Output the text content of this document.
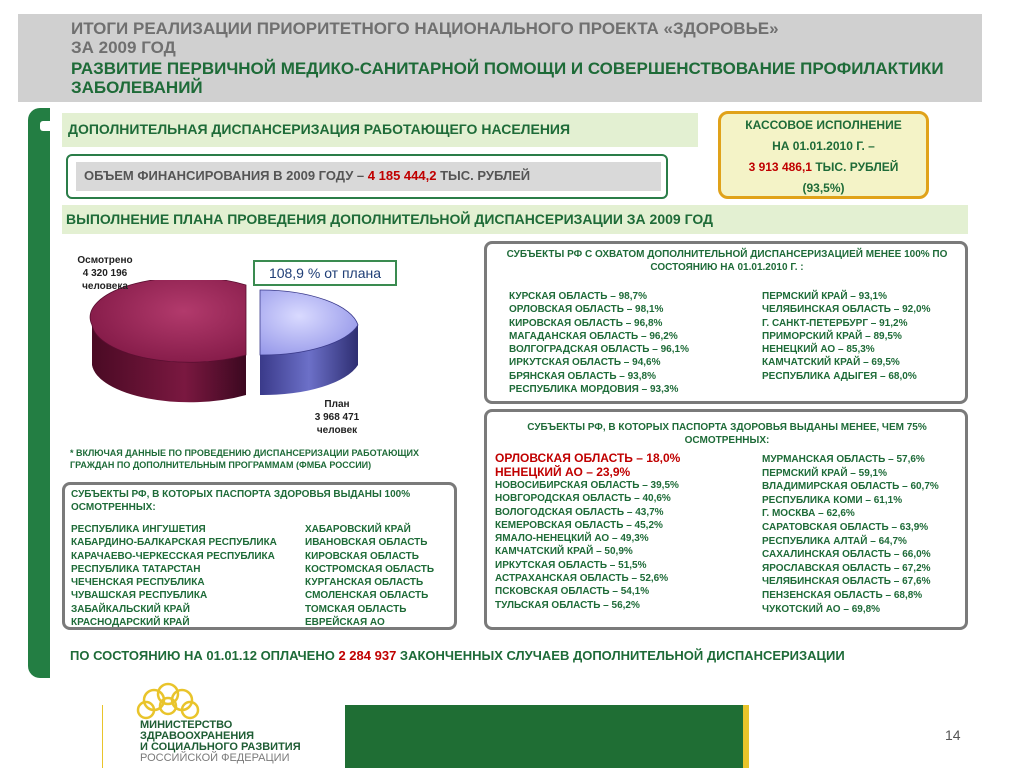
ИТОГИ РЕАЛИЗАЦИИ ПРИОРИТЕТНОГО НАЦИОНАЛЬНОГО ПРОЕКТА «ЗДОРОВЬЕ»
ЗА 2009 ГОД
РАЗВИТИЕ ПЕРВИЧНОЙ МЕДИКО-САНИТАРНОЙ ПОМОЩИ И СОВЕРШЕНСТВОВАНИЕ ПРОФИЛАКТИКИ ЗАБОЛЕВАНИЙ
ДОПОЛНИТЕЛЬНАЯ ДИСПАНСЕРИЗАЦИЯ РАБОТАЮЩЕГО НАСЕЛЕНИЯ
ОБЪЕМ ФИНАНСИРОВАНИЯ В 2009 ГОДУ – 4 185 444,2 ТЫС. РУБЛЕЙ
КАССОВОЕ ИСПОЛНЕНИЕ
НА 01.01.2010 Г. –
3 913 486,1 ТЫС. РУБЛЕЙ
(93,5%)
ВЫПОЛНЕНИЕ ПЛАНА ПРОВЕДЕНИЯ ДОПОЛНИТЕЛЬНОЙ ДИСПАНСЕРИЗАЦИИ ЗА 2009 ГОД
Осмотрено
4 320 196
человека
План
3 968 471
человек
108,9 % от плана
* ВКЛЮЧАЯ ДАННЫЕ ПО ПРОВЕДЕНИЮ ДИСПАНСЕРИЗАЦИИ РАБОТАЮЩИХ ГРАЖДАН ПО ДОПОЛНИТЕЛЬНЫМ ПРОГРАММАМ (ФМБА РОССИИ)
СУБЪЕКТЫ РФ С ОХВАТОМ ДОПОЛНИТЕЛЬНОЙ ДИСПАНСЕРИЗАЦИЕЙ МЕНЕЕ 100% ПО СОСТОЯНИЮ НА 01.01.2010 Г. :
КУРСКАЯ ОБЛАСТЬ – 98,7%
ОРЛОВСКАЯ ОБЛАСТЬ – 98,1%
КИРОВСКАЯ ОБЛАСТЬ – 96,8%
МАГАДАНСКАЯ ОБЛАСТЬ – 96,2%
ВОЛГОГРАДСКАЯ ОБЛАСТЬ – 96,1%
ИРКУТСКАЯ ОБЛАСТЬ – 94,6%
БРЯНСКАЯ ОБЛАСТЬ – 93,8%
РЕСПУБЛИКА МОРДОВИЯ – 93,3%
ПЕРМСКИЙ КРАЙ – 93,1%
ЧЕЛЯБИНСКАЯ ОБЛАСТЬ – 92,0%
Г. САНКТ-ПЕТЕРБУРГ – 91,2%
ПРИМОРСКИЙ КРАЙ – 89,5%
НЕНЕЦКИЙ АО – 85,3%
КАМЧАТСКИЙ КРАЙ – 69,5%
РЕСПУБЛИКА АДЫГЕЯ – 68,0%
СУБЪЕКТЫ РФ, В КОТОРЫХ ПАСПОРТА ЗДОРОВЬЯ ВЫДАНЫ МЕНЕЕ, ЧЕМ 75% ОСМОТРЕННЫХ:
ОРЛОВСКАЯ ОБЛАСТЬ – 18,0%
НЕНЕЦКИЙ АО – 23,9%
НОВОСИБИРСКАЯ ОБЛАСТЬ – 39,5%
НОВГОРОДСКАЯ ОБЛАСТЬ – 40,6%
ВОЛОГОДСКАЯ ОБЛАСТЬ – 43,7%
КЕМЕРОВСКАЯ ОБЛАСТЬ – 45,2%
ЯМАЛО-НЕНЕЦКИЙ АО – 49,3%
КАМЧАТСКИЙ КРАЙ – 50,9%
ИРКУТСКАЯ ОБЛАСТЬ – 51,5%
АСТРАХАНСКАЯ ОБЛАСТЬ – 52,6%
ПСКОВСКАЯ ОБЛАСТЬ – 54,1%
ТУЛЬСКАЯ ОБЛАСТЬ – 56,2%
МУРМАНСКАЯ ОБЛАСТЬ – 57,6%
ПЕРМСКИЙ КРАЙ – 59,1%
ВЛАДИМИРСКАЯ ОБЛАСТЬ – 60,7%
РЕСПУБЛИКА КОМИ – 61,1%
Г. МОСКВА – 62,6%
САРАТОВСКАЯ ОБЛАСТЬ – 63,9%
РЕСПУБЛИКА АЛТАЙ – 64,7%
САХАЛИНСКАЯ ОБЛАСТЬ – 66,0%
ЯРОСЛАВСКАЯ ОБЛАСТЬ – 67,2%
ЧЕЛЯБИНСКАЯ ОБЛАСТЬ – 67,6%
ПЕНЗЕНСКАЯ ОБЛАСТЬ – 68,8%
ЧУКОТСКИЙ АО – 69,8%
СУБЪЕКТЫ РФ, В КОТОРЫХ ПАСПОРТА ЗДОРОВЬЯ ВЫДАНЫ 100% ОСМОТРЕННЫХ:
РЕСПУБЛИКА ИНГУШЕТИЯ
КАБАРДИНО-БАЛКАРСКАЯ РЕСПУБЛИКА
КАРАЧАЕВО-ЧЕРКЕССКАЯ РЕСПУБЛИКА
РЕСПУБЛИКА ТАТАРСТАН
ЧЕЧЕНСКАЯ РЕСПУБЛИКА
ЧУВАШСКАЯ РЕСПУБЛИКА
ЗАБАЙКАЛЬСКИЙ КРАЙ
КРАСНОДАРСКИЙ КРАЙ
ХАБАРОВСКИЙ КРАЙ
ИВАНОВСКАЯ ОБЛАСТЬ
КИРОВСКАЯ ОБЛАСТЬ
КОСТРОМСКАЯ ОБЛАСТЬ
КУРГАНСКАЯ ОБЛАСТЬ
СМОЛЕНСКАЯ ОБЛАСТЬ
ТОМСКАЯ ОБЛАСТЬ
ЕВРЕЙСКАЯ АО
ПО СОСТОЯНИЮ НА 01.01.12 ОПЛАЧЕНО 2 284 937 ЗАКОНЧЕННЫХ СЛУЧАЕВ ДОПОЛНИТЕЛЬНОЙ ДИСПАНСЕРИЗАЦИИ
МИНИСТЕРСТВО
ЗДРАВООХРАНЕНИЯ
И СОЦИАЛЬНОГО РАЗВИТИЯ
РОССИЙСКОЙ ФЕДЕРАЦИИ
14
